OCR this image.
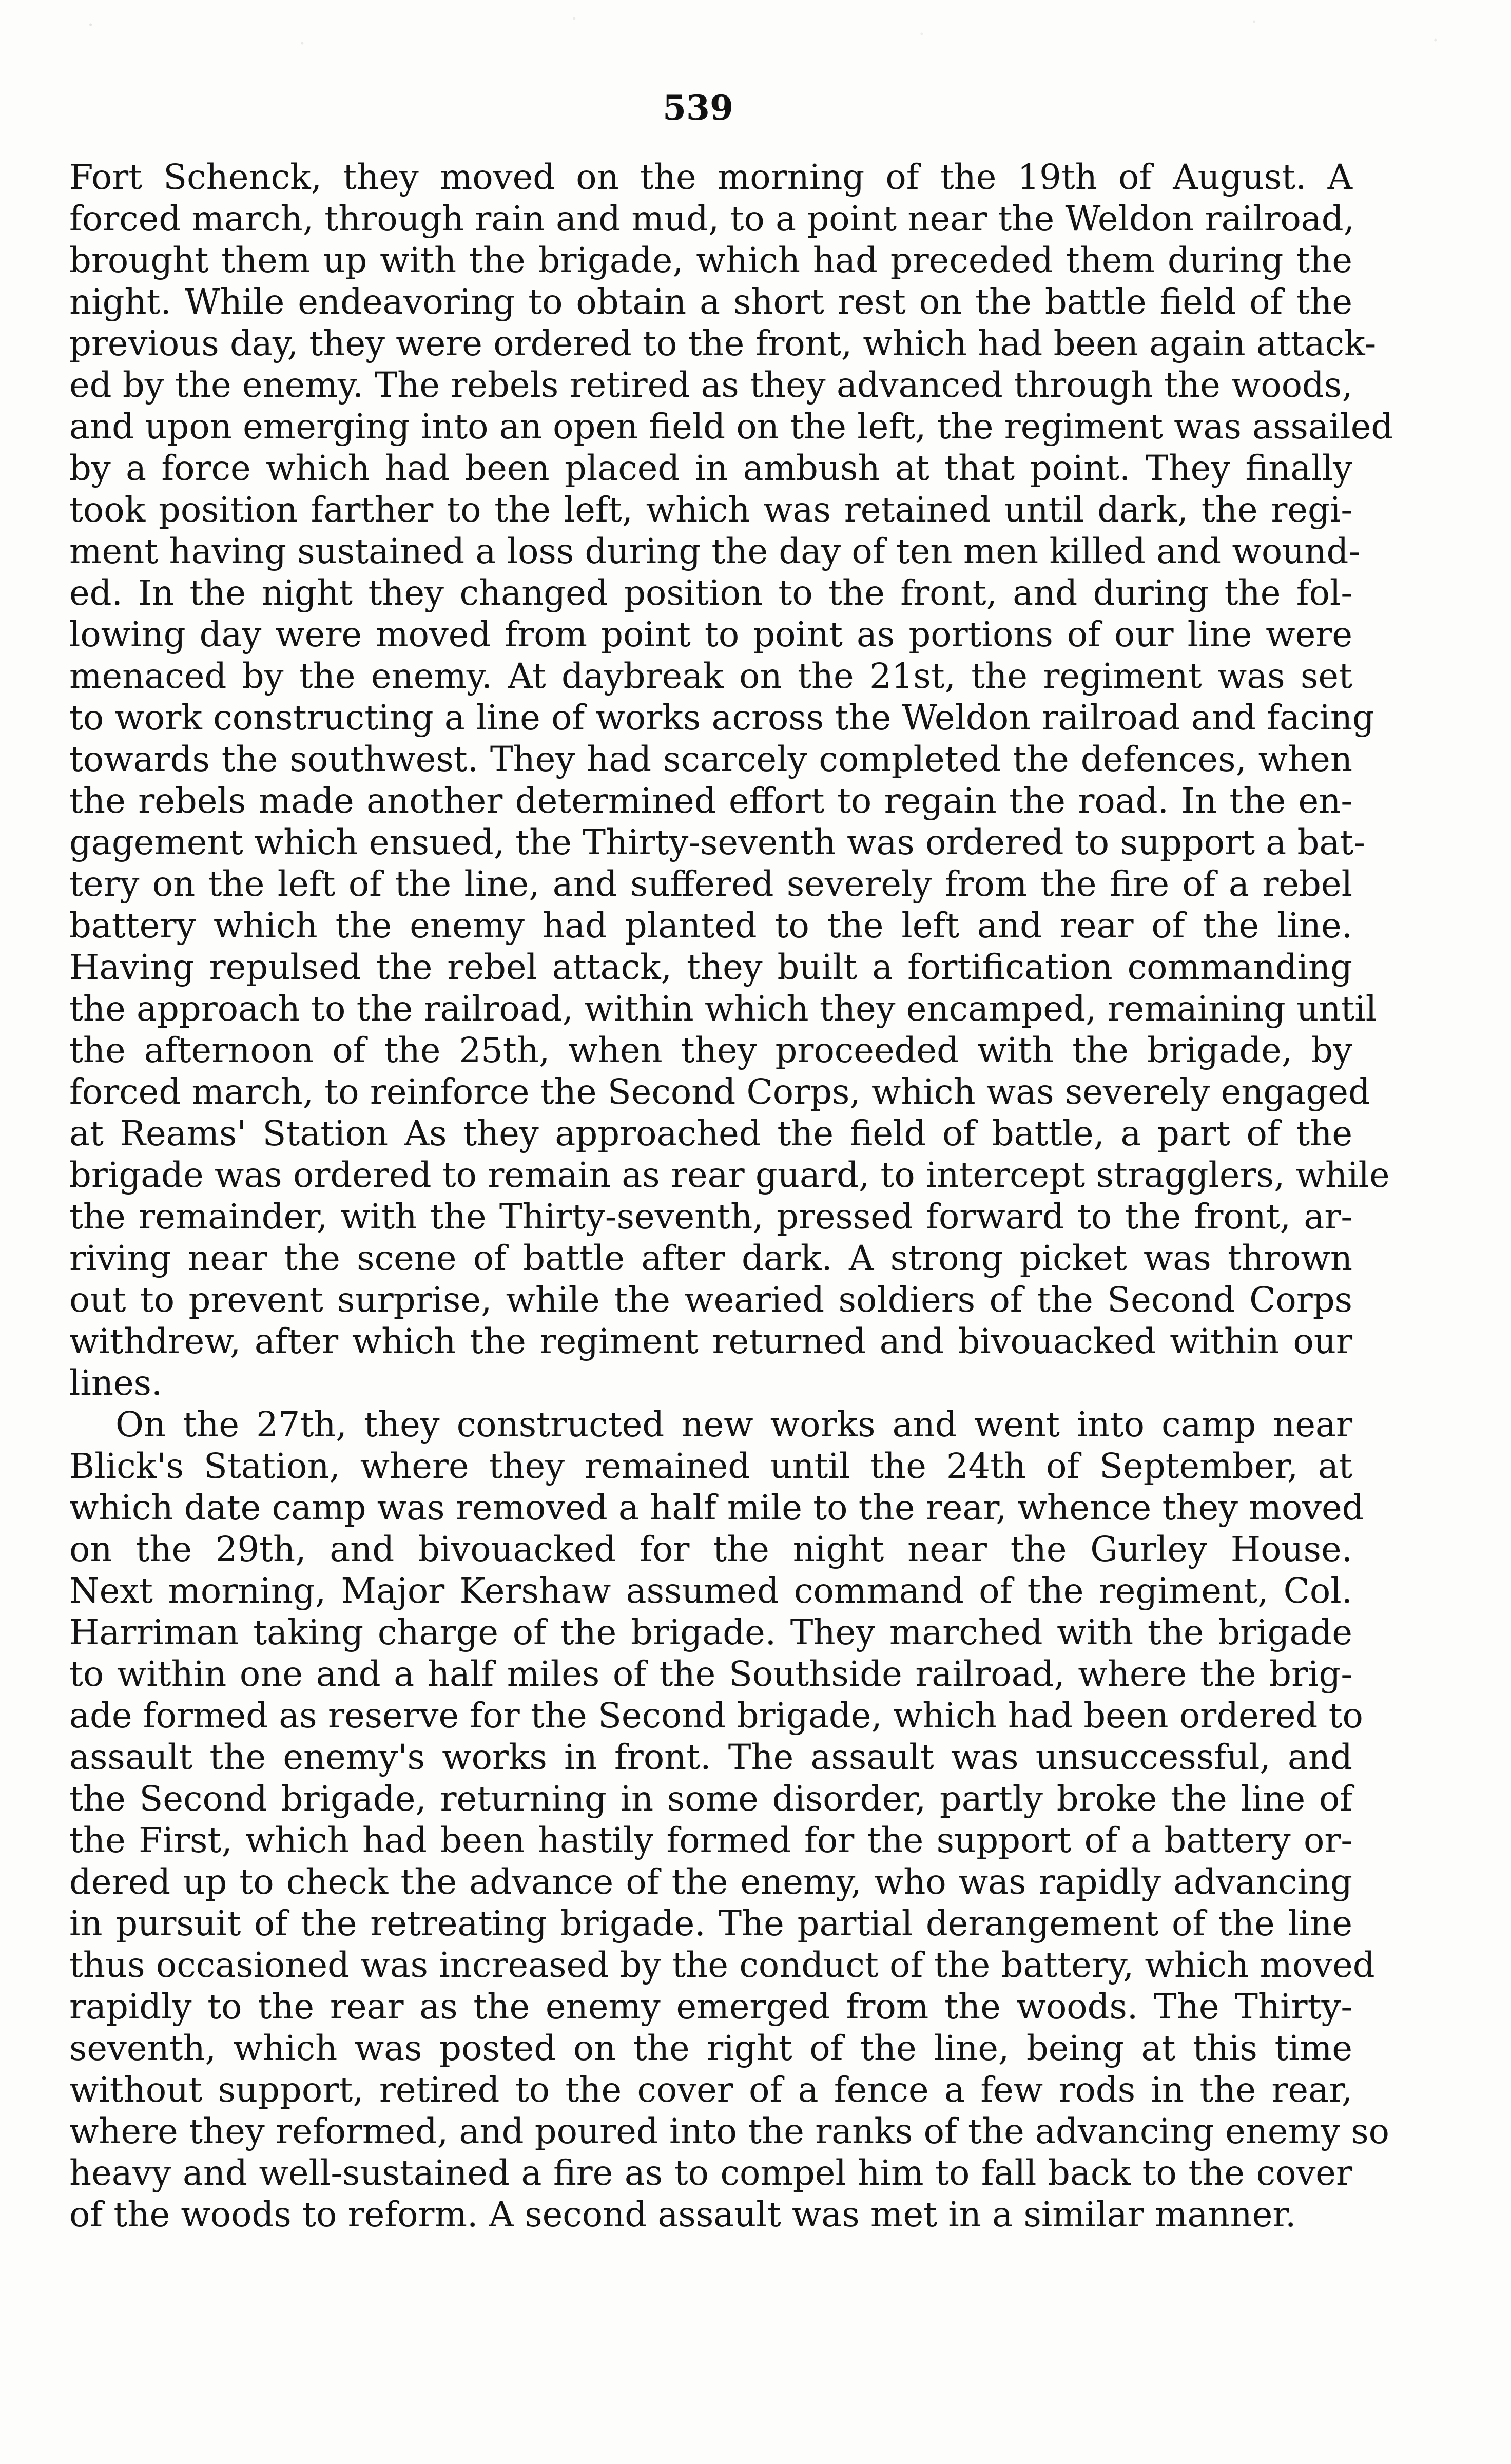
539
Fort Schenck, they moved on the morning of the 19th of August. A
forced march, through rain and mud, to a point near the Weldon railroad,
brought them up with the brigade, which had preceded them during the
night. While endeavoring to obtain a short rest on the battle field of the
previous day, they were ordered to the front, which had been again attack-
ed by the enemy. The rebels retired as they advanced through the woods,
and upon emerging into an open field on the left, the regiment was assailed
by a force which had been placed in ambush at that point. They finally
took position farther to the left, which was retained until dark, the regi-
ment having sustained a loss during the day of ten men killed and wound-
ed. In the night they changed position to the front, and during the fol-
lowing day were moved from point to point as portions of our line were
menaced by the enemy. At daybreak on the 21st, the regiment was set
to work constructing a line of works across the Weldon railroad and facing
towards the southwest. They had scarcely completed the defences, when
the rebels made another determined effort to regain the road. In the en-
gagement which ensued, the Thirty-seventh was ordered to support a bat-
tery on the left of the line, and suffered severely from the fire of a rebel
battery which the enemy had planted to the left and rear of the line.
Having repulsed the rebel attack, they built a fortification commanding
the approach to the railroad, within which they encamped, remaining until
the afternoon of the 25th, when they proceeded with the brigade, by
forced march, to reinforce the Second Corps, which was severely engaged
at Reams' Station As they approached the field of battle, a part of the
brigade was ordered to remain as rear guard, to intercept stragglers, while
the remainder, with the Thirty-seventh, pressed forward to the front, ar-
riving near the scene of battle after dark. A strong picket was thrown
out to prevent surprise, while the wearied soldiers of the Second Corps
withdrew, after which the regiment returned and bivouacked within our
lines.
On the 27th, they constructed new works and went into camp near
Blick's Station, where they remained until the 24th of September, at
which date camp was removed a half mile to the rear, whence they moved
on the 29th, and bivouacked for the night near the Gurley House.
Next morning, Major Kershaw assumed command of the regiment, Col.
Harriman taking charge of the brigade. They marched with the brigade
to within one and a half miles of the Southside railroad, where the brig-
ade formed as reserve for the Second brigade, which had been ordered to
assault the enemy's works in front. The assault was unsuccessful, and
the Second brigade, returning in some disorder, partly broke the line of
the First, which had been hastily formed for the support of a battery or-
dered up to check the advance of the enemy, who was rapidly advancing
in pursuit of the retreating brigade. The partial derangement of the line
thus occasioned was increased by the conduct of the battery, which moved
rapidly to the rear as the enemy emerged from the woods. The Thirty-
seventh, which was posted on the right of the line, being at this time
without support, retired to the cover of a fence a few rods in the rear,
where they reformed, and poured into the ranks of the advancing enemy so
heavy and well-sustained a fire as to compel him to fall back to the cover
of the woods to reform. A second assault was met in a similar manner.
